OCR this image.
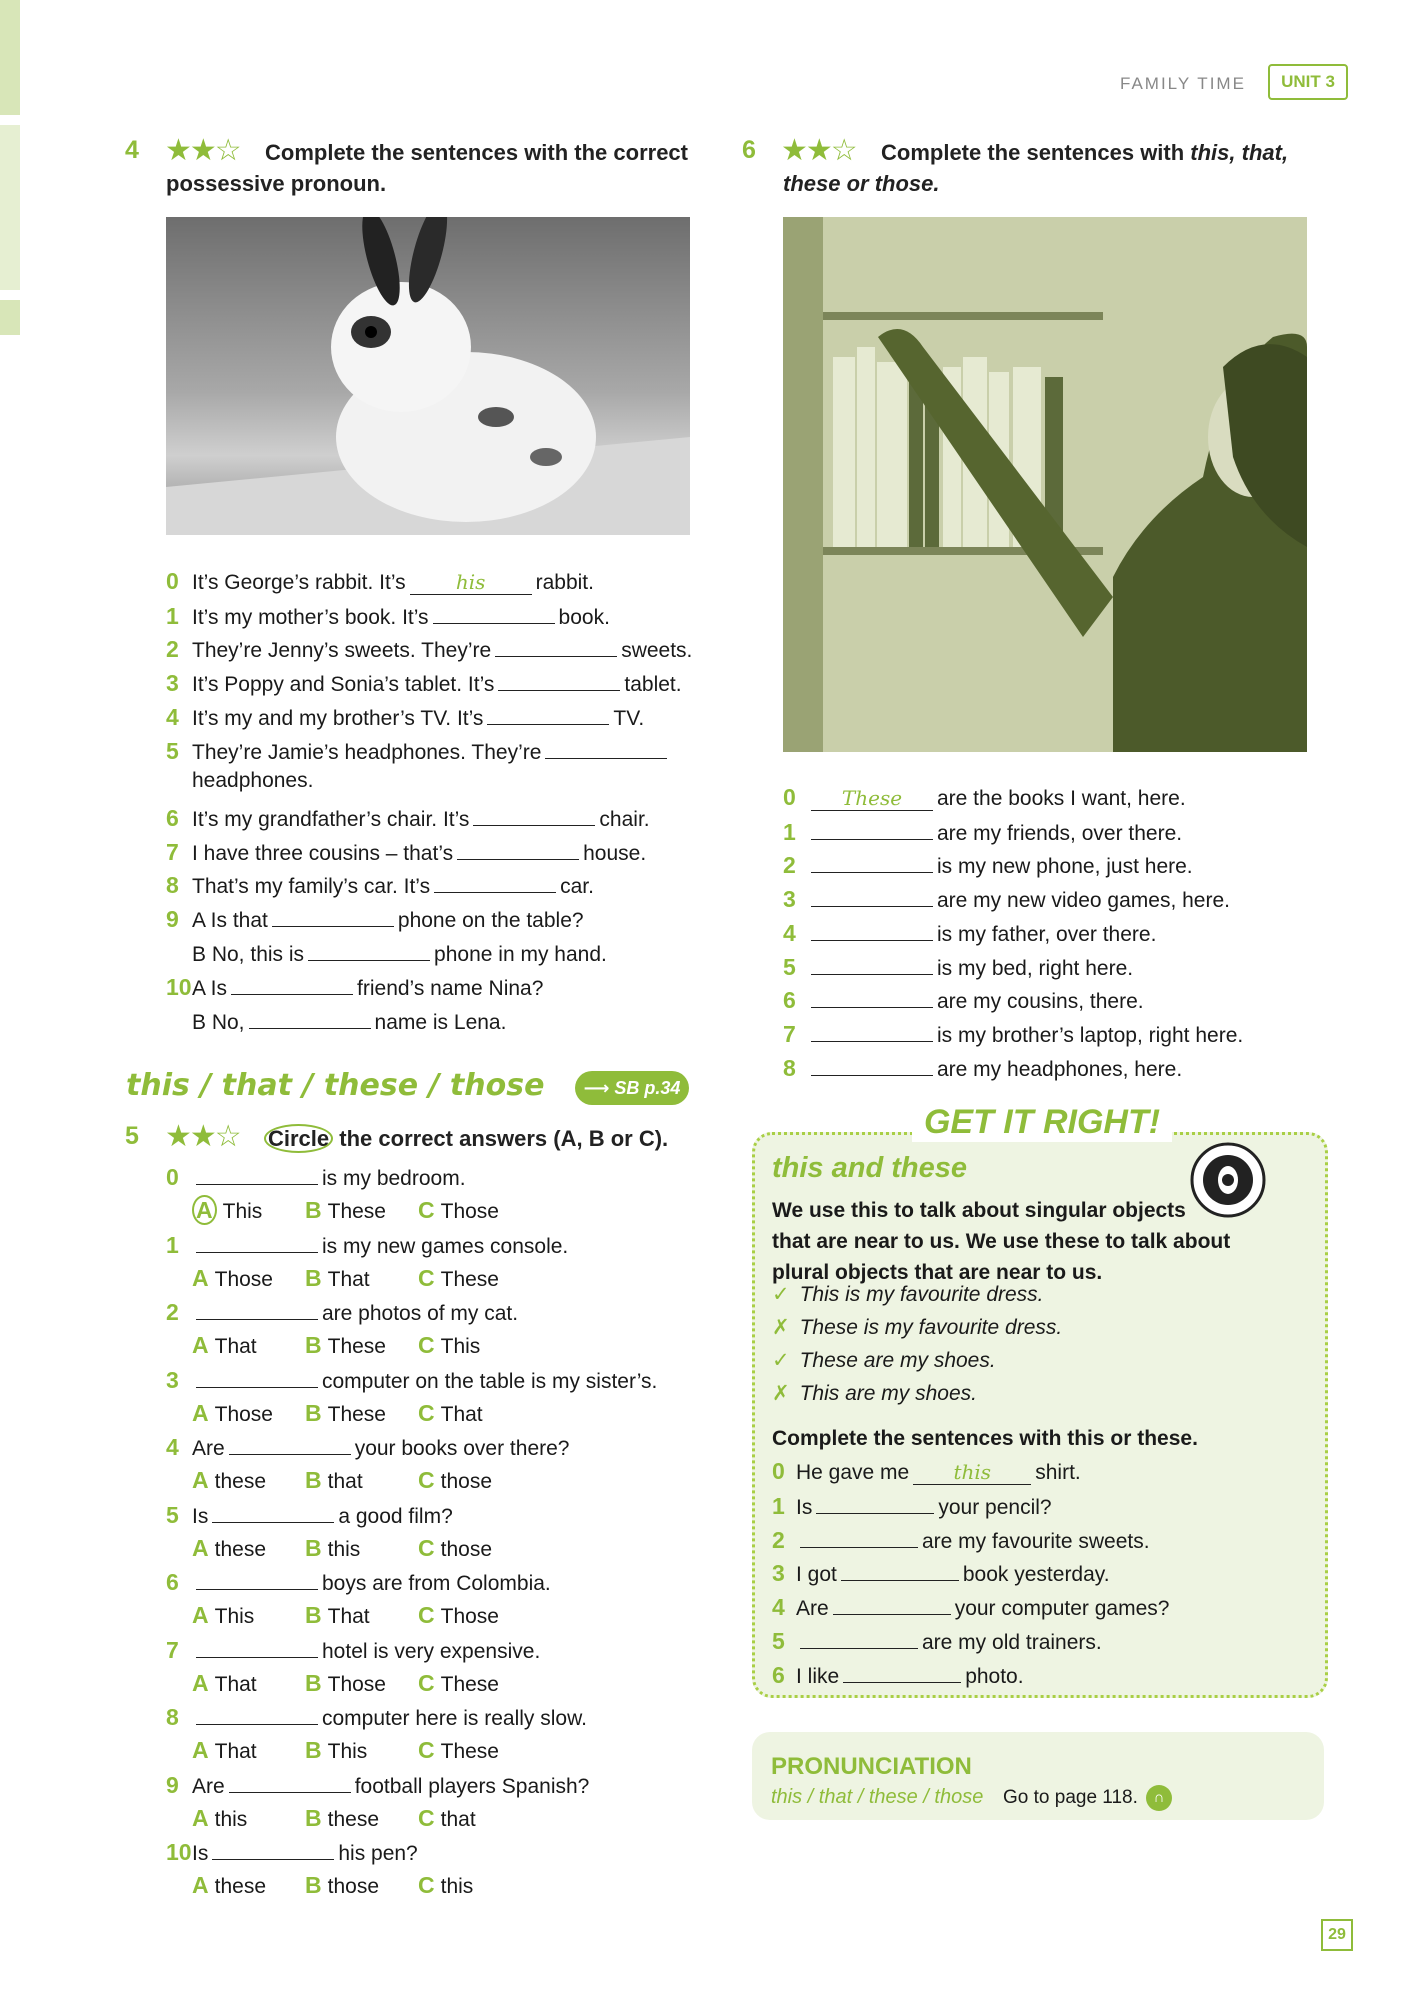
FAMILY TIME	UNIT 3
4 ★★☆ Complete the sentences with the correct
possessive pronoun.
0 It’s George’s rabbit. It’s	his rabbit.
1 It’s my mother’s book. It’s	book.
2 They’re Jenny’s sweets. They’re	sweets.
3 It’s Poppy and Sonia’s tablet. It’s	tablet.
4 It’s my and my brother’s TV. It’s	TV.
5 They’re Jamie’s headphones. They’re
headphones.
6 It’s my grandfather’s chair. It’s	chair.
7 I have three cousins – that’s	house.
8 That’s my family’s car. It’s	car.
9 A Is that	phone on the table?
B No, this is	phone in my hand.
10A Is	friend’s name Nina?
B No,	name is Lena.
this / that / these / those	⟶ SB p.34
5 ★★☆ Circle the correct answers (A, B or C).
0	is my bedroom.
A This B These C Those
1	is my new games console.
A Those B That C These
2	are photos of my cat.
A That B These C This
3	computer on the table is my sister’s.
A Those B These C That
4 Are	your books over there?
A these B that C those
5 Is	a good film?
A these B this	C those
6	boys are from Colombia.
A This B That C Those
7	hotel is very expensive.
A That B Those C These
8	computer here is really slow.
A That B This C These
9 Are	football players Spanish?
A this	B these C that
10Is	his pen?
A these B those C this
6 ★★☆ Complete the sentences with this, that,
these or those.
0 These are the books I want, here.
1	are my friends, over there.
2	is my new phone, just here.
3	are my new video games, here.
4	is my father, over there.
5	is my bed, right here.
6	are my cousins, there.
7	is my brother’s laptop, right here.
8	are my headphones, here.
GET IT RIGHT!
this and these
We use this to talk about singular objects
that are near to us. We use these to talk about
plural objects that are near to us.
✓ This is my favourite dress.
✗ These is my favourite dress.
✓ These are my shoes.
✗ This are my shoes.
Complete the sentences with this or these.
0 He gave me this shirt.
1 Is	your pencil?
2	are my favourite sweets.
3 I got	book yesterday.
4 Are	your computer games?
5	are my old trainers.
6 I like	photo.
PRONUNCIATION
this / that / these / those Go to page 118.	∩
29
